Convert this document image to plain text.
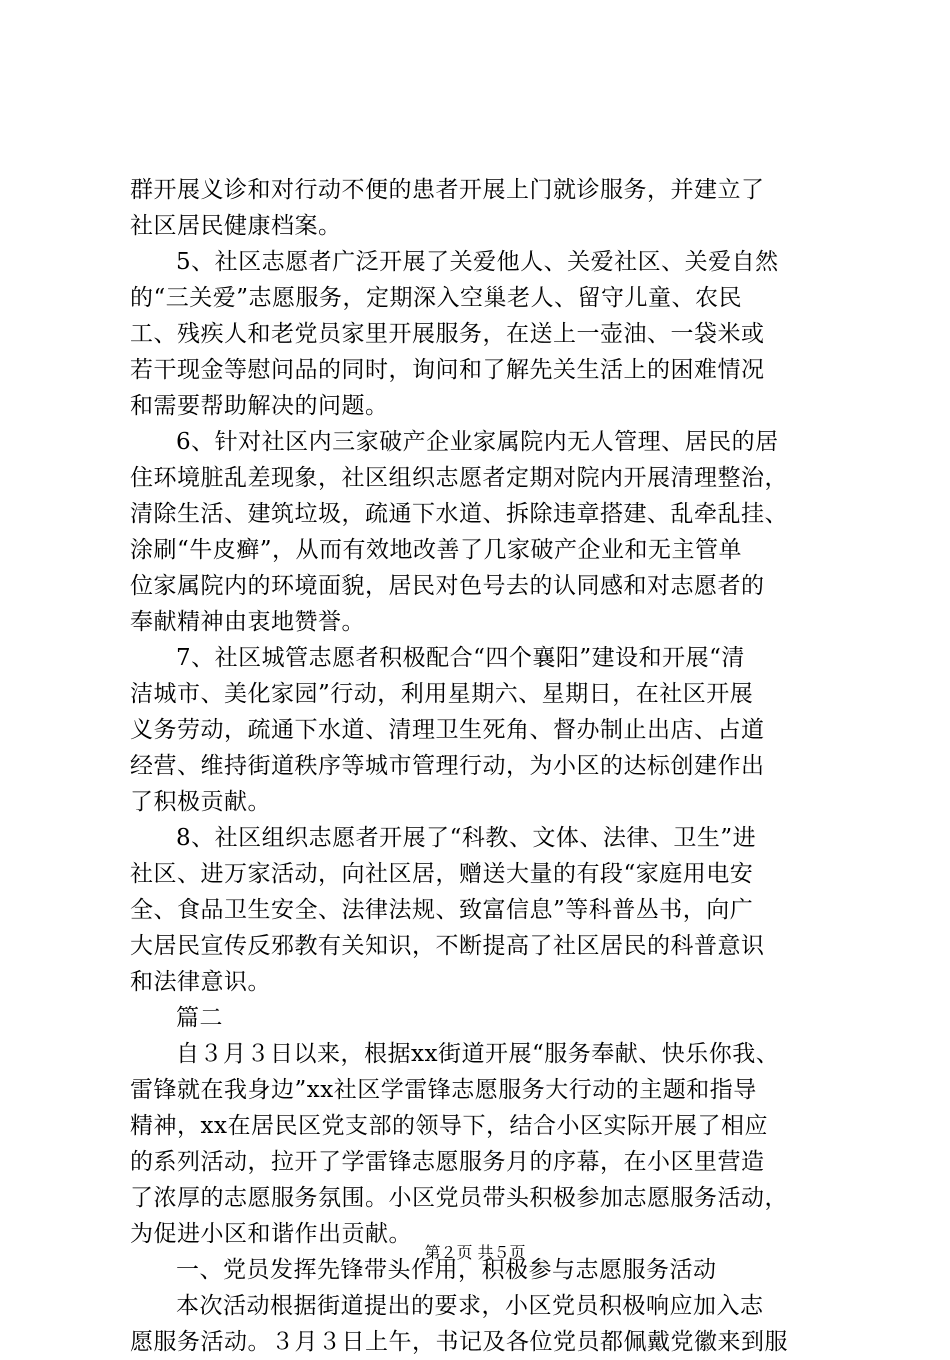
群开展义诊和对行动不便的患者开展上门就诊服务，并建立了
社区居民健康档案。
5、社区志愿者广泛开展了关爱他人、关爱社区、关爱自然
的“三关爱”志愿服务，定期深入空巢老人、留守儿童、农民
工、残疾人和老党员家里开展服务，在送上一壶油、一袋米或
若干现金等慰问品的同时，询问和了解先关生活上的困难情况
和需要帮助解决的问题。
6、针对社区内三家破产企业家属院内无人管理、居民的居
住环境脏乱差现象，社区组织志愿者定期对院内开展清理整治，
清除生活、建筑垃圾，疏通下水道、拆除违章搭建、乱牵乱挂、
涂刷“牛皮癣”，从而有效地改善了几家破产企业和无主管单
位家属院内的环境面貌，居民对色号去的认同感和对志愿者的
奉献精神由衷地赞誉。
7、社区城管志愿者积极配合“四个襄阳”建设和开展“清
洁城市、美化家园”行动，利用星期六、星期日，在社区开展
义务劳动，疏通下水道、清理卫生死角、督办制止出店、占道
经营、维持街道秩序等城市管理行动，为小区的达标创建作出
了积极贡献。
8、社区组织志愿者开展了“科教、文体、法律、卫生”进
社区、进万家活动，向社区居，赠送大量的有段“家庭用电安
全、食品卫生安全、法律法规、致富信息”等科普丛书，向广
大居民宣传反邪教有关知识，不断提高了社区居民的科普意识
和法律意识。
篇二
自３月３日以来，根据xx街道开展“服务奉献、快乐你我、
雷锋就在我身边”xx社区学雷锋志愿服务大行动的主题和指导
精神，xx在居民区党支部的领导下，结合小区实际开展了相应
的系列活动，拉开了学雷锋志愿服务月的序幕，在小区里营造
了浓厚的志愿服务氛围。小区党员带头积极参加志愿服务活动，
为促进小区和谐作出贡献。
一、党员发挥先锋带头作用，积极参与志愿服务活动
本次活动根据街道提出的要求，小区党员积极响应加入志
愿服务活动。３月３日上午，书记及各位党员都佩戴党徽来到服
第２页 共５页
